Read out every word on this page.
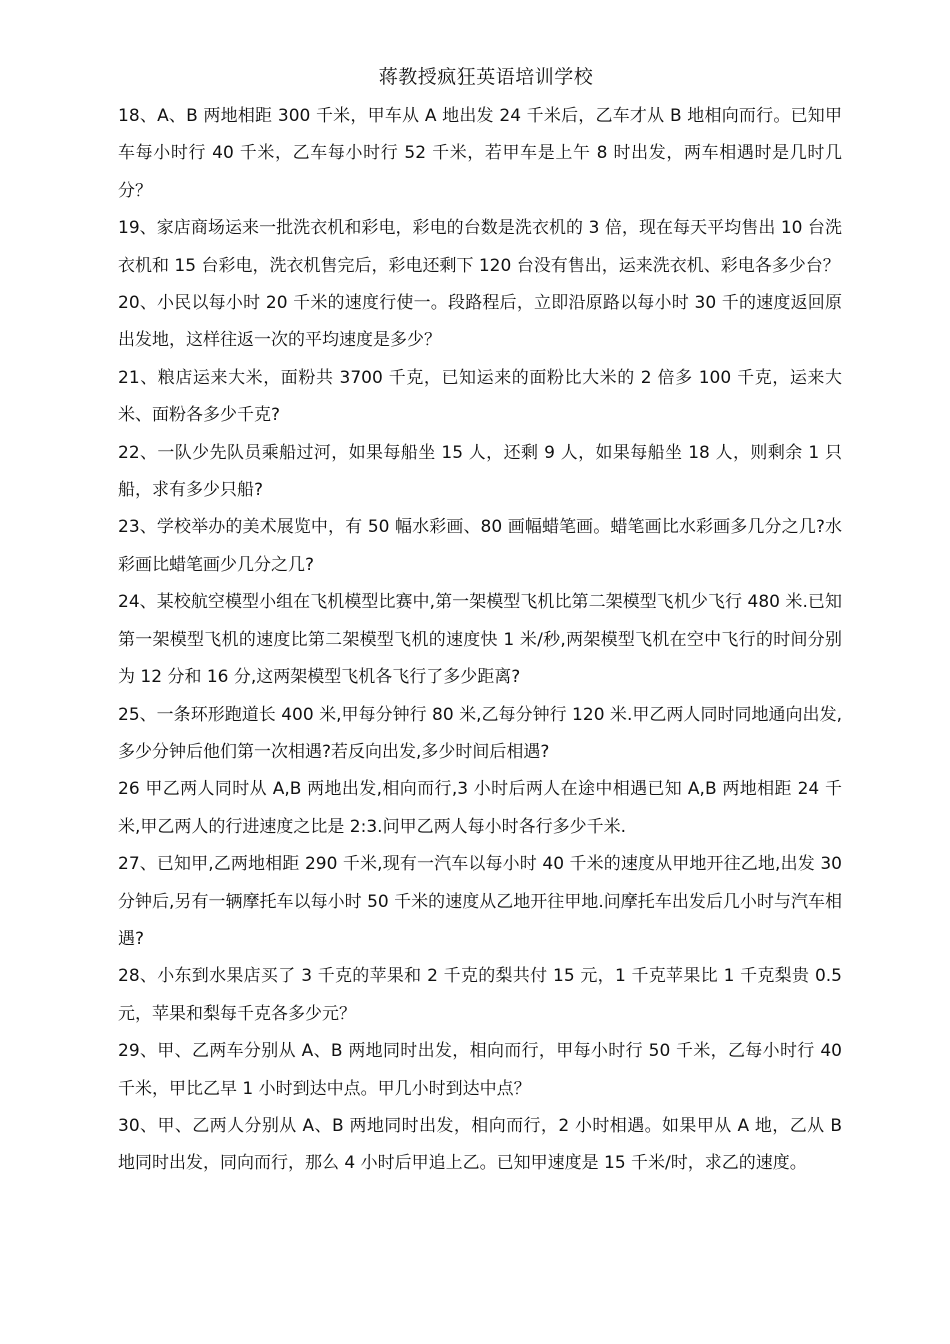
蒋教授疯狂英语培训学校

18、A、B 两地相距 300 千米，甲车从 A 地出发 24 千米后，乙车才从 B 地相向而行。已知甲车每小时行 40 千米，乙车每小时行 52 千米，若甲车是上午 8 时出发，两车相遇时是几时几分？

19、家店商场运来一批洗衣机和彩电，彩电的台数是洗衣机的 3 倍，现在每天平均售出 10 台洗衣机和 15 台彩电，洗衣机售完后，彩电还剩下 120 台没有售出，运来洗衣机、彩电各多少台？

20、小民以每小时 20 千米的速度行使一。段路程后，立即沿原路以每小时 30 千的速度返回原出发地，这样往返一次的平均速度是多少？

21、粮店运来大米，面粉共 3700 千克，已知运来的面粉比大米的 2 倍多 100 千克，运来大米、面粉各多少千克?

22、一队少先队员乘船过河，如果每船坐 15 人，还剩 9 人，如果每船坐 18 人，则剩余 1 只船，求有多少只船?

23、学校举办的美术展览中，有 50 幅水彩画、80 画幅蜡笔画。蜡笔画比水彩画多几分之几?水彩画比蜡笔画少几分之几?

24、某校航空模型小组在飞机模型比赛中,第一架模型飞机比第二架模型飞机少飞行 480 米.已知第一架模型飞机的速度比第二架模型飞机的速度快 1 米/秒,两架模型飞机在空中飞行的时间分别为 12 分和 16 分,这两架模型飞机各飞行了多少距离?

25、一条环形跑道长 400 米,甲每分钟行 80 米,乙每分钟行 120 米.甲乙两人同时同地通向出发,多少分钟后他们第一次相遇?若反向出发,多少时间后相遇?

26 甲乙两人同时从 A,B 两地出发,相向而行,3 小时后两人在途中相遇已知 A,B 两地相距 24 千米,甲乙两人的行进速度之比是 2:3.问甲乙两人每小时各行多少千米.

27、已知甲,乙两地相距 290 千米,现有一汽车以每小时 40 千米的速度从甲地开往乙地,出发 30 分钟后,另有一辆摩托车以每小时 50 千米的速度从乙地开往甲地.问摩托车出发后几小时与汽车相遇?

28、小东到水果店买了 3 千克的苹果和 2 千克的梨共付 15 元，1 千克苹果比 1 千克梨贵 0.5 元，苹果和梨每千克各多少元？

29、甲、乙两车分别从 A、B 两地同时出发，相向而行，甲每小时行 50 千米，乙每小时行 40 千米，甲比乙早 1 小时到达中点。甲几小时到达中点？

30、甲、乙两人分别从 A、B 两地同时出发，相向而行，2 小时相遇。如果甲从 A 地，乙从 B 地同时出发，同向而行，那么 4 小时后甲追上乙。已知甲速度是 15 千米/时，求乙的速度。
